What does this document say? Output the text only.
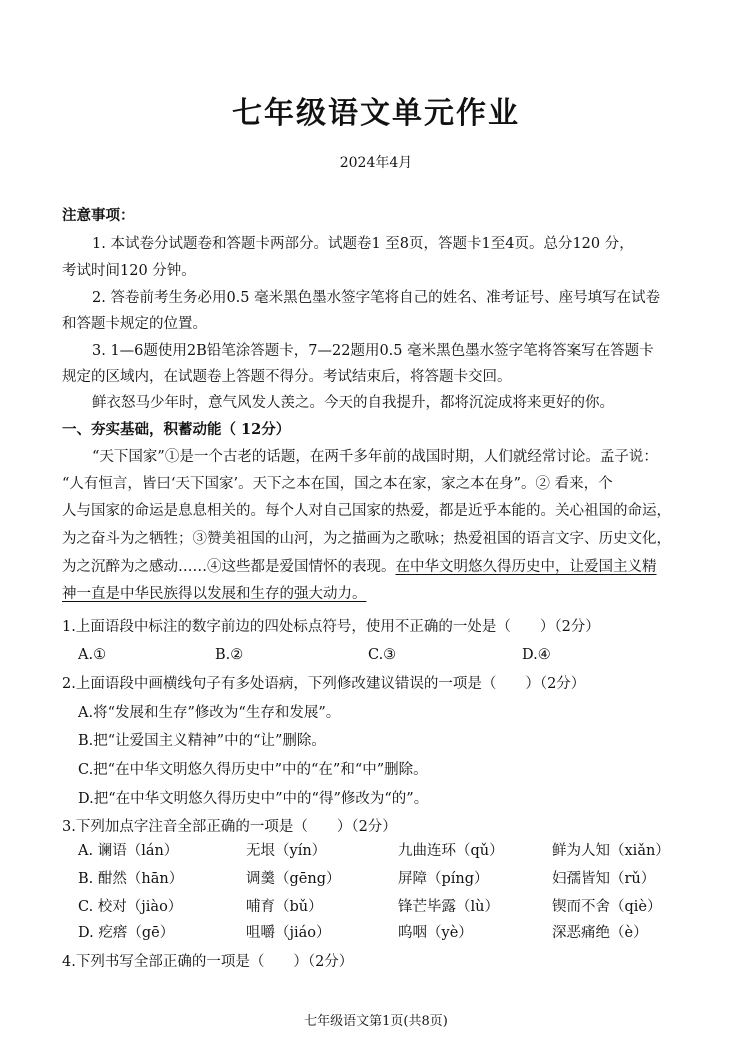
七年级语文单元作业
2024年4月
注意事项：
1. 本试卷分试题卷和答题卡两部分。试题卷1 至8页，答题卡1至4页。总分120 分，
考试时间120 分钟。
2. 答卷前考生务必用0.5 毫米黑色墨水签字笔将自己的姓名、准考证号、座号填写在试卷
和答题卡规定的位置。
3. 1—6题使用2B铅笔涂答题卡，7—22题用0.5 毫米黑色墨水签字笔将答案写在答题卡
规定的区域内，在试题卷上答题不得分。考试结束后，将答题卡交回。
鲜衣怒马少年时，意气风发人羡之。今天的自我提升，都将沉淀成将来更好的你。
一、夯实基础，积蓄动能（ 12分）
“天下国家”①是一个古老的话题，在两千多年前的战国时期，人们就经常讨论。孟子说：
“人有恒言，皆曰‘天下国家’。天下之本在国，国之本在家，家之本在身”。② 看来，个
人与国家的命运是息息相关的。每个人对自己国家的热爱，都是近乎本能的。关心祖国的命运，
为之奋斗为之牺牲；③赞美祖国的山河，为之描画为之歌咏；热爱祖国的语言文字、历史文化，
为之沉醉为之感动……④这些都是爱国情怀的表现。在中华文明悠久得历史中，让爱国主义精
神一直是中华民族得以发展和生存的强大动力。
1.上面语段中标注的数字前边的四处标点符号，使用不正确的一处是（　　）（2分）
A.①	B.②	C.③	D.④
2.上面语段中画横线句子有多处语病，下列修改建议错误的一项是（　　）（2分）
A.将“发展和生存”修改为“生存和发展”。
B.把“让爱国主义精神”中的“让”删除。
C.把“在中华文明悠久得历史中”中的“在”和“中”删除。
D.把“在中华文明悠久得历史中”中的“得”修改为“的”。
3.下列加点字注音全部正确的一项是（　　）（2分）
A. 谰语（lán）	无垠（yín）	九曲连环（qǔ）	鲜为人知（xiǎn）
B. 酣然（hān）	调羹（gēng）	屏障（píng）	妇孺皆知（rǔ）
C. 校对（jiào）	哺育（bǔ）	锋芒毕露（lù）	锲而不舍（qiè）
D. 疙瘩（gē）	咀嚼（jiáo）	呜咽（yè）	深恶痛绝（è）
4.下列书写全部正确的一项是（　　）（2分）
七年级语文第1页(共8页)
